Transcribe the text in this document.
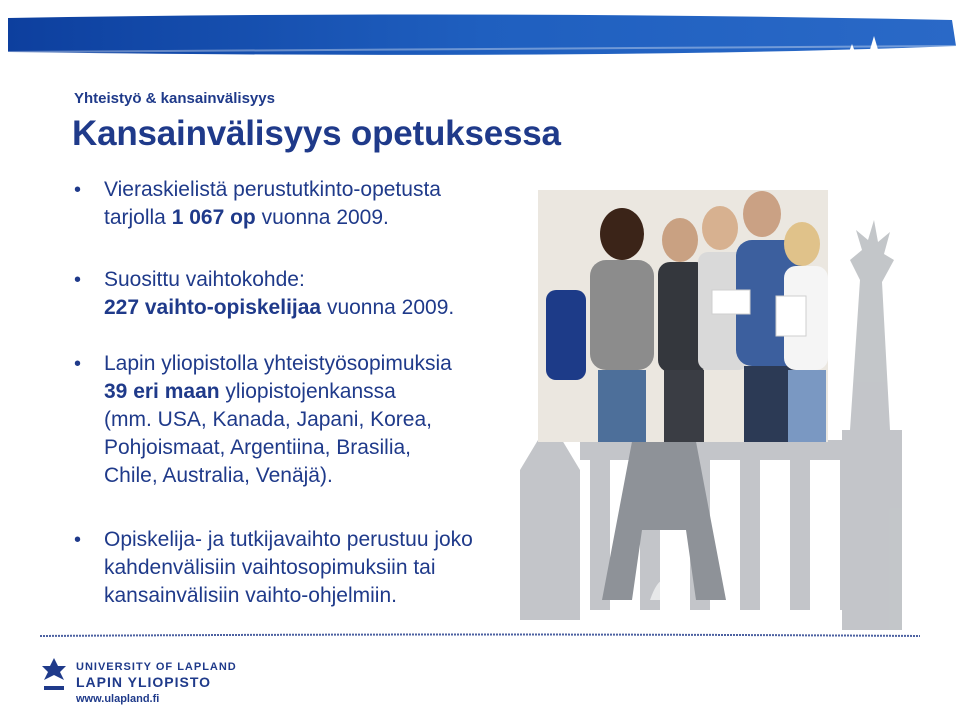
Yhteistyö & kansainvälisyys
Kansainvälisyys opetuksessa
• Vieraskielistä perustutkinto-opetusta
tarjolla 1 067 op vuonna 2009.
• Suosittu vaihtokohde:
227 vaihto-opiskelijaa vuonna 2009.
• Lapin yliopistolla yhteistyösopimuksia
39 eri maan yliopistojenkanssa
(mm. USA, Kanada, Japani, Korea,
Pohjoismaat, Argentiina, Brasilia,
Chile, Australia, Venäjä).
• Opiskelija- ja tutkijavaihto perustuu joko
kahdenvälisiin vaihtosopimuksiin tai
kansainvälisiin vaihto-ohjelmiin.
UNIVERSITY OF LAPLAND
LAPIN YLIOPISTO
www.ulapland.fi
